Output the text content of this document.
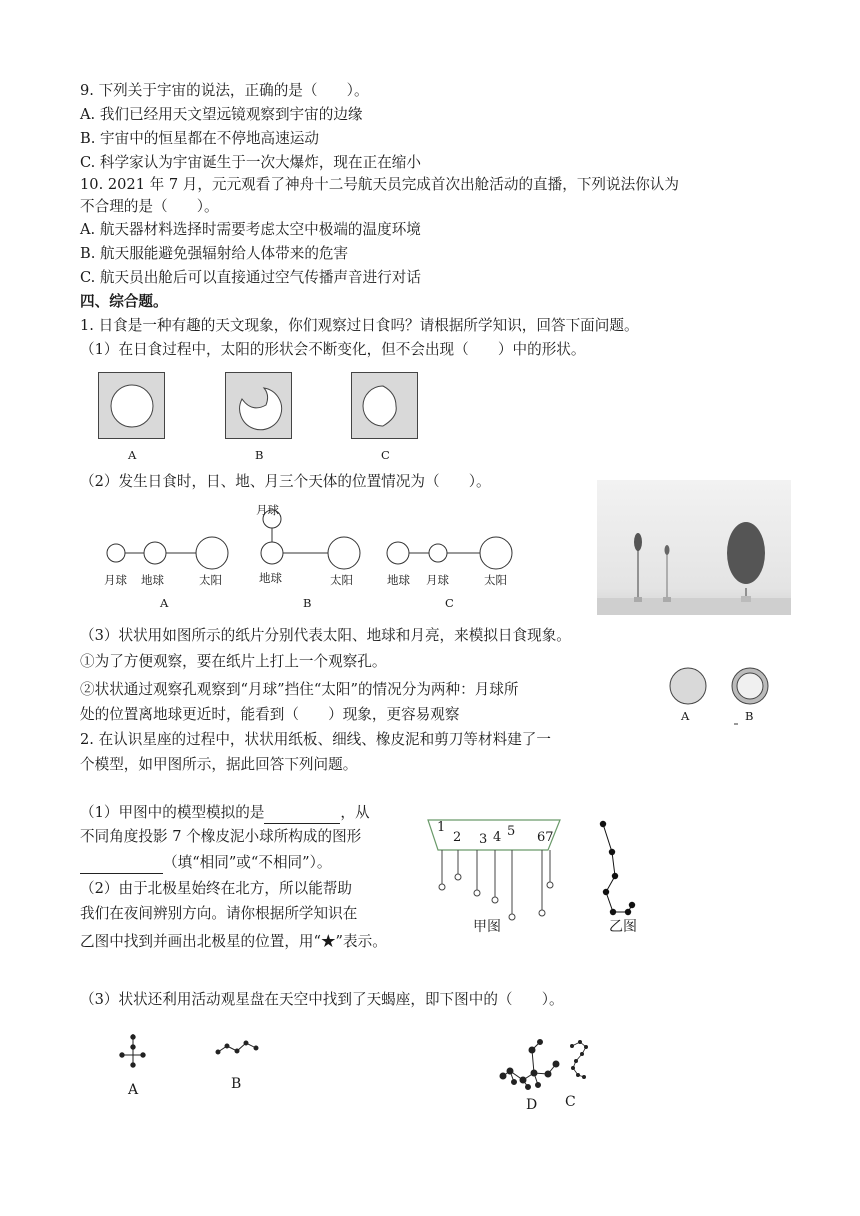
9. 下列关于宇宙的说法，正确的是（　　）。
A. 我们已经用天文望远镜观察到宇宙的边缘
B. 宇宙中的恒星都在不停地高速运动
C. 科学家认为宇宙诞生于一次大爆炸，现在正在缩小
10. 2021 年 7 月，元元观看了神舟十二号航天员完成首次出舱活动的直播，下列说法你认为
不合理的是（　　）。
A. 航天器材料选择时需要考虑太空中极端的温度环境
B. 航天服能避免强辐射给人体带来的危害
C. 航天员出舱后可以直接通过空气传播声音进行对话
四、综合题。
1. 日食是一种有趣的天文现象，你们观察过日食吗？请根据所学知识，回答下面问题。
（1）在日食过程中，太阳的形状会不断变化，但不会出现（　　）中的形状。
A	B	C
（2）发生日食时，日、地、月三个天体的位置情况为（　　）。
月球 地球	太阳
A
月球
地球	太阳
B
地球 月球	太阳
C
（3）状状用如图所示的纸片分别代表太阳、地球和月亮，来模拟日食现象。
①为了方便观察，要在纸片上打上一个观察孔。
②状状通过观察孔观察到“月球”挡住“太阳”的情况分为两种：月球所
处的位置离地球更近时，能看到（　　）现象，更容易观察	A	B
2. 在认识星座的过程中，状状用纸板、细线、橡皮泥和剪刀等材料建了一
个模型，如甲图所示，据此回答下列问题。
（1）甲图中的模型模拟的是	，从
不同角度投影 7 个橡皮泥小球所构成的图形
（填“相同”或“不相同”）。
（2）由于北极星始终在北方，所以能帮助
我们在夜间辨别方向。请你根据所学知识在
乙图中找到并画出北极星的位置，用“★”表示。
1
2 3 4 5 67
甲图	乙图
（3）状状还利用活动观星盘在天空中找到了天蝎座，即下图中的（　　）。
A	B
D C
